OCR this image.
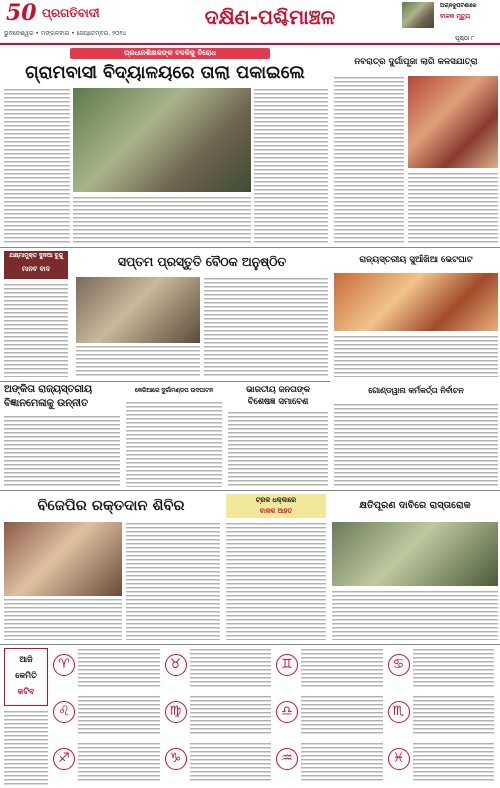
50 ପ୍ରଗତିବାଦୀ
ଭୁବନେଶ୍ୱର • ମଙ୍ଗଳବାର • ସେପ୍ଟେମ୍ବର, ୨୦୨୪
ଦକ୍ଷିଣ-ପଶ୍ଚିମାଞ୍ଚଳ	ଅଗ୍ନିଦୁର୍ଘଟଣାରେ
ବାଳକ ମୃତ୍ୟୁ
ପୃଷ୍ଠା ୮
ପ୍ରଧାନଶିକ୍ଷକଙ୍କ ବଦଳିକୁ ବିରୋଧ
ଗ୍ରାମବାସୀ ବିଦ୍ୟାଳୟରେ ତାଲା ପକାଇଲେ
ନବରାତ୍ର ଦୁର୍ଗାପୂଜା ଲାଗି କଳସଯାତ୍ରା
ଯକ୍ଷ୍ମାମୁକ୍ତ ଦୁନିଆ ବୁନ୍ଦୁ
ମାନବ ବାଦ	ସପ୍ତମ ପ୍ରସ୍ତୁତି ବୈଠକ ଅନୁଷ୍ଠିତ	ରାଜ୍ୟସ୍ତରୀୟ ସୁଆଁଖିଆ ଭେଟଘାଟ
ଅଙ୍କିତା ରାଜ୍ୟସ୍ତରୀୟ
ବିଜ୍ଞାନମେଳାକୁ ଉନ୍ନୀତ
କେରିଆରେ ଦୁର୍ଗାମଣ୍ଡପ ଉଦଘାଟନ	ଭାରତୀୟ ଜନତାଙ୍କ
ବିଶେଷଜ୍ଞ ସମାବେଶ
ଗୋଣ୍ଡୱାନା କର୍ମକର୍ତ୍ତା ନିର୍ବାଚନ
ବିଜେପିର ରକ୍ତଦାନ ଶିବିର	ଟ୍ରକ ଧକ୍କାରେ
ବାଳକ ଆହତ	କ୍ଷତିପୂରଣ ଦାବିରେ ରାସ୍ତାରୋକ
ଆଜି
କେମିତି
କଟିବ
♈	♉	♊	♋
♌	♍	♎	♏
♐	♑	♒	♓
